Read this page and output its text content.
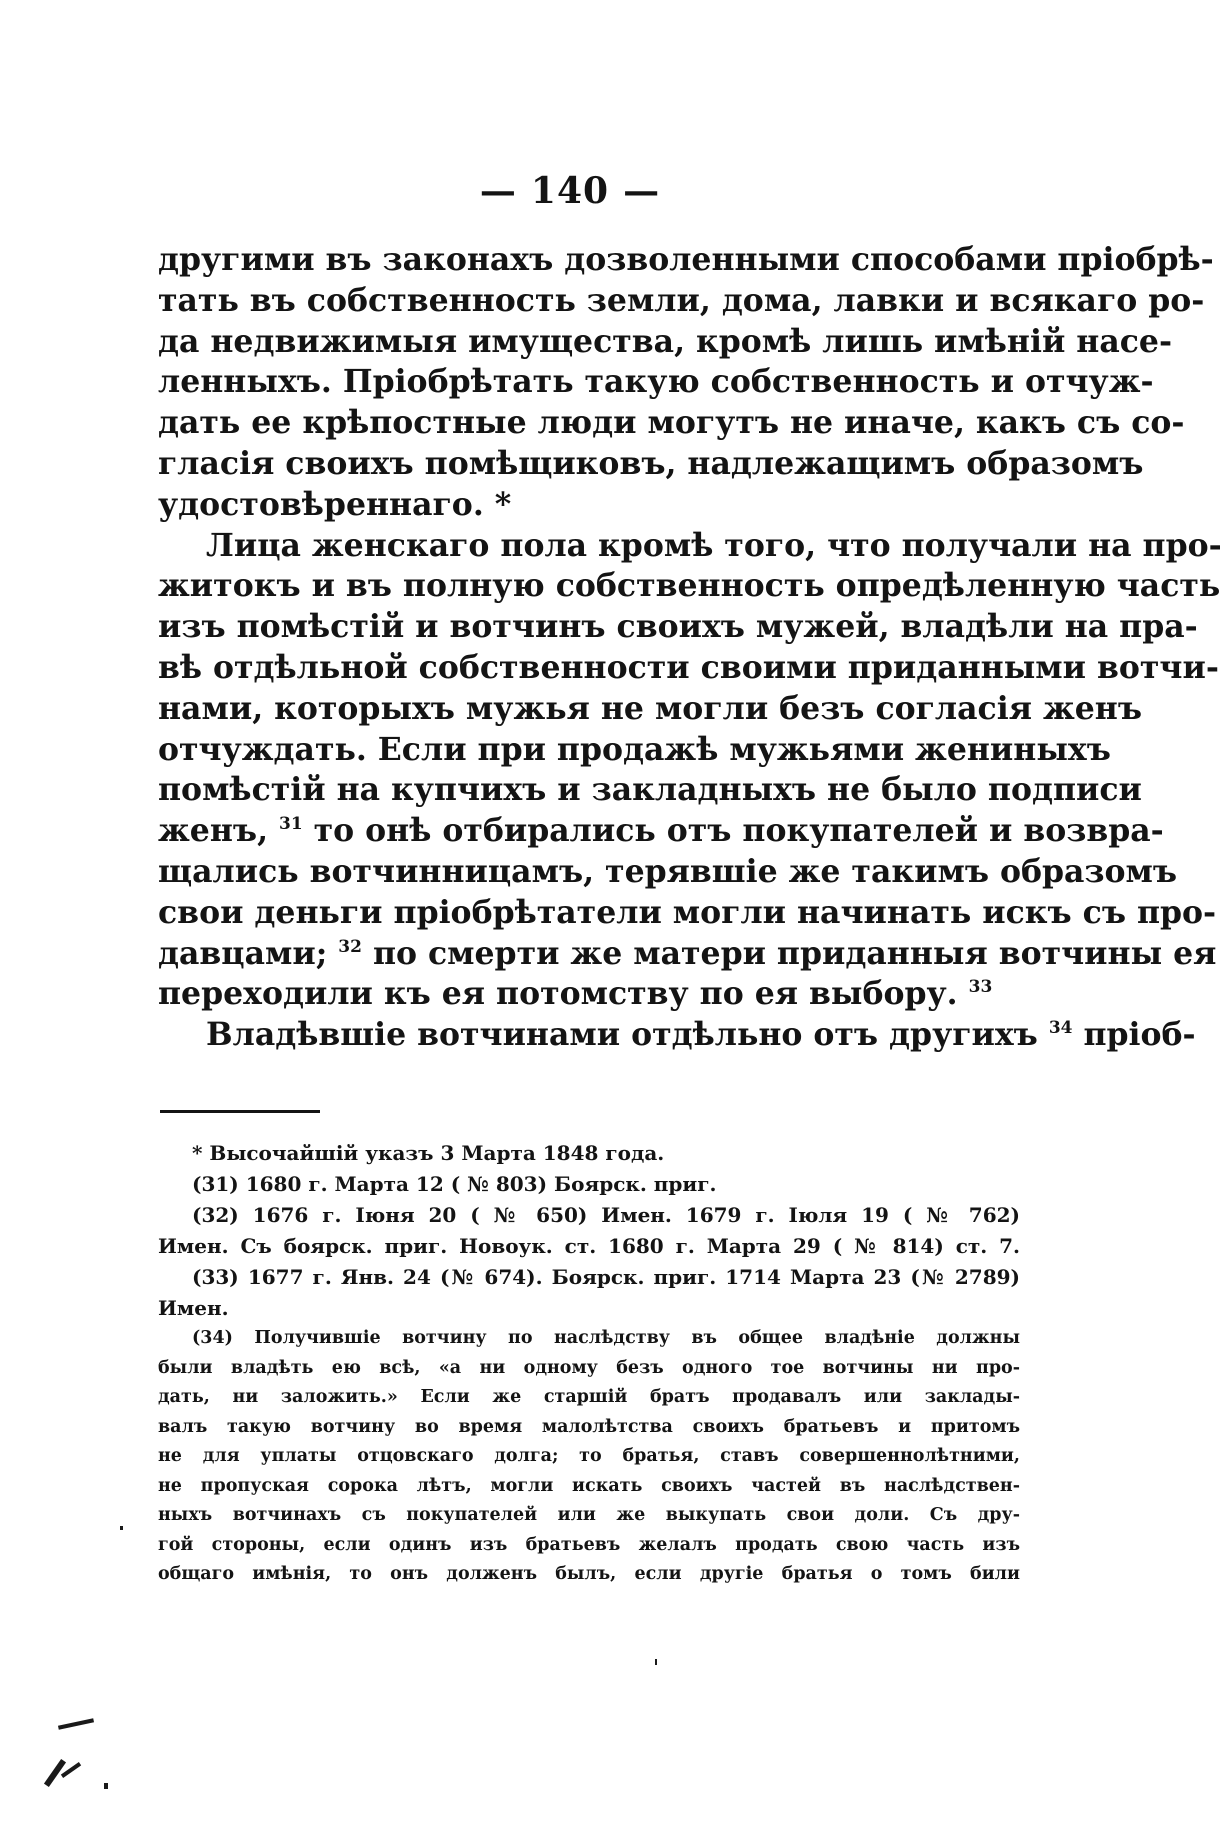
— 140 —
другими въ законахъ дозволенными способами пріобрѣ-
тать въ собственность земли, дома, лавки и всякаго ро-
да недвижимыя имущества, кромѣ лишь имѣній насе-
ленныхъ. Пріобрѣтать такую собственность и отчуж-
дать ее крѣпостные люди могутъ не иначе, какъ съ со-
гласія своихъ помѣщиковъ, надлежащимъ образомъ
удостовѣреннаго. *
Лица женскаго пола кромѣ того, что получали на про-
житокъ и въ полную собственность опредѣленную часть
изъ помѣстій и вотчинъ своихъ мужей, владѣли на пра-
вѣ отдѣльной собственности своими приданными вотчи-
нами, которыхъ мужья не могли безъ согласія женъ
отчуждать. Если при продажѣ мужьями жениныхъ
помѣстій на купчихъ и закладныхъ не было подписи
женъ, $^{31}$ то онѣ отбирались отъ покупателей и возвра-
щались вотчинницамъ, терявшіе же такимъ образомъ
свои деньги пріобрѣтатели могли начинать искъ съ про-
давцами; $^{32}$ по смерти же матери приданныя вотчины ея
переходили къ ея потомству по ея выбору. $^{33}$
Владѣвшіе вотчинами отдѣльно отъ другихъ $^{34}$ пріоб-
* Высочайшій указъ 3 Марта 1848 года.
(31) 1680 г. Марта 12 ( № 803) Боярск. приг.
(32) 1676 г. Іюня 20 ( № 650) Имен. 1679 г. Іюля 19 ( № 762)
Имен. Съ боярск. приг. Новоук. ст. 1680 г. Марта 29 ( № 814) ст. 7.
(33) 1677 г. Янв. 24 (№ 674). Боярск. приг. 1714 Марта 23 (№ 2789)
Имен.
(34) Получившіе вотчину по наслѣдству въ общее владѣніе должны
были владѣть ею всѣ, «а ни одному безъ одного тое вотчины ни про-
дать, ни заложить.» Если же старшій братъ продавалъ или заклады-
валъ такую вотчину во время малолѣтства своихъ братьевъ и притомъ
не для уплаты отцовскаго долга; то братья, ставъ совершеннолѣтними,
не пропуская сорока лѣтъ, могли искать своихъ частей въ наслѣдствен-
ныхъ вотчинахъ съ покупателей или же выкупать свои доли. Съ дру-
гой стороны, если одинъ изъ братьевъ желалъ продать свою часть изъ
общаго имѣнія, то онъ долженъ былъ, если другіе братья о томъ били
